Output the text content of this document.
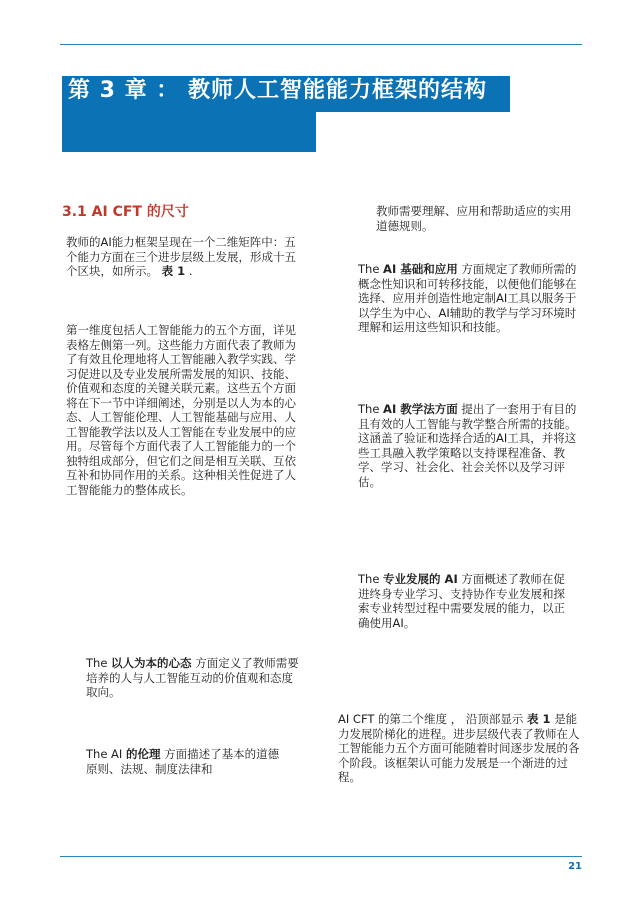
第 3 章 ： 教师人工智能能力框架的结构
3.1 AI CFT 的尺寸

教师的AI能力框架呈现在一个二维矩阵中：五个能力方面在三个进步层级上发展，形成十五个区块，如所示。 表 1 .

第一维度包括人工智能能力的五个方面，详见表格左侧第一列。这些能力方面代表了教师为了有效且伦理地将人工智能融入教学实践、学习促进以及专业发展所需发展的知识、技能、价值观和态度的关键关联元素。这些五个方面将在下一节中详细阐述，分别是以人为本的心态、人工智能伦理、人工智能基础与应用、人工智能教学法以及人工智能在专业发展中的应用。尽管每个方面代表了人工智能能力的一个独特组成部分，但它们之间是相互关联、互依互补和协同作用的关系。这种相关性促进了人工智能能力的整体成长。

The 以人为本的心态 方面定义了教师需要培养的人与人工智能互动的价值观和态度取向。

The AI 的伦理 方面描述了基本的道德原则、法规、制度法律和

教师需要理解、应用和帮助适应的实用道德规则。

The AI 基础和应用 方面规定了教师所需的概念性知识和可转移技能，以便他们能够在选择、应用并创造性地定制AI工具以服务于以学生为中心、AI辅助的教学与学习环境时理解和运用这些知识和技能。

The AI 教学法方面 提出了一套用于有目的且有效的人工智能与教学整合所需的技能。这涵盖了验证和选择合适的AI工具，并将这些工具融入教学策略以支持课程准备、教学、学习、社会化、社会关怀以及学习评估。

The 专业发展的 AI 方面概述了教师在促进终身专业学习、支持协作专业发展和探索专业转型过程中需要发展的能力，以正确使用AI。

AI CFT 的第二个维度 ， 沿顶部显示 表 1 是能力发展阶梯化的进程。进步层级代表了教师在人工智能能力五个方面可能随着时间逐步发展的各个阶段。该框架认可能力发展是一个渐进的过程。

21
